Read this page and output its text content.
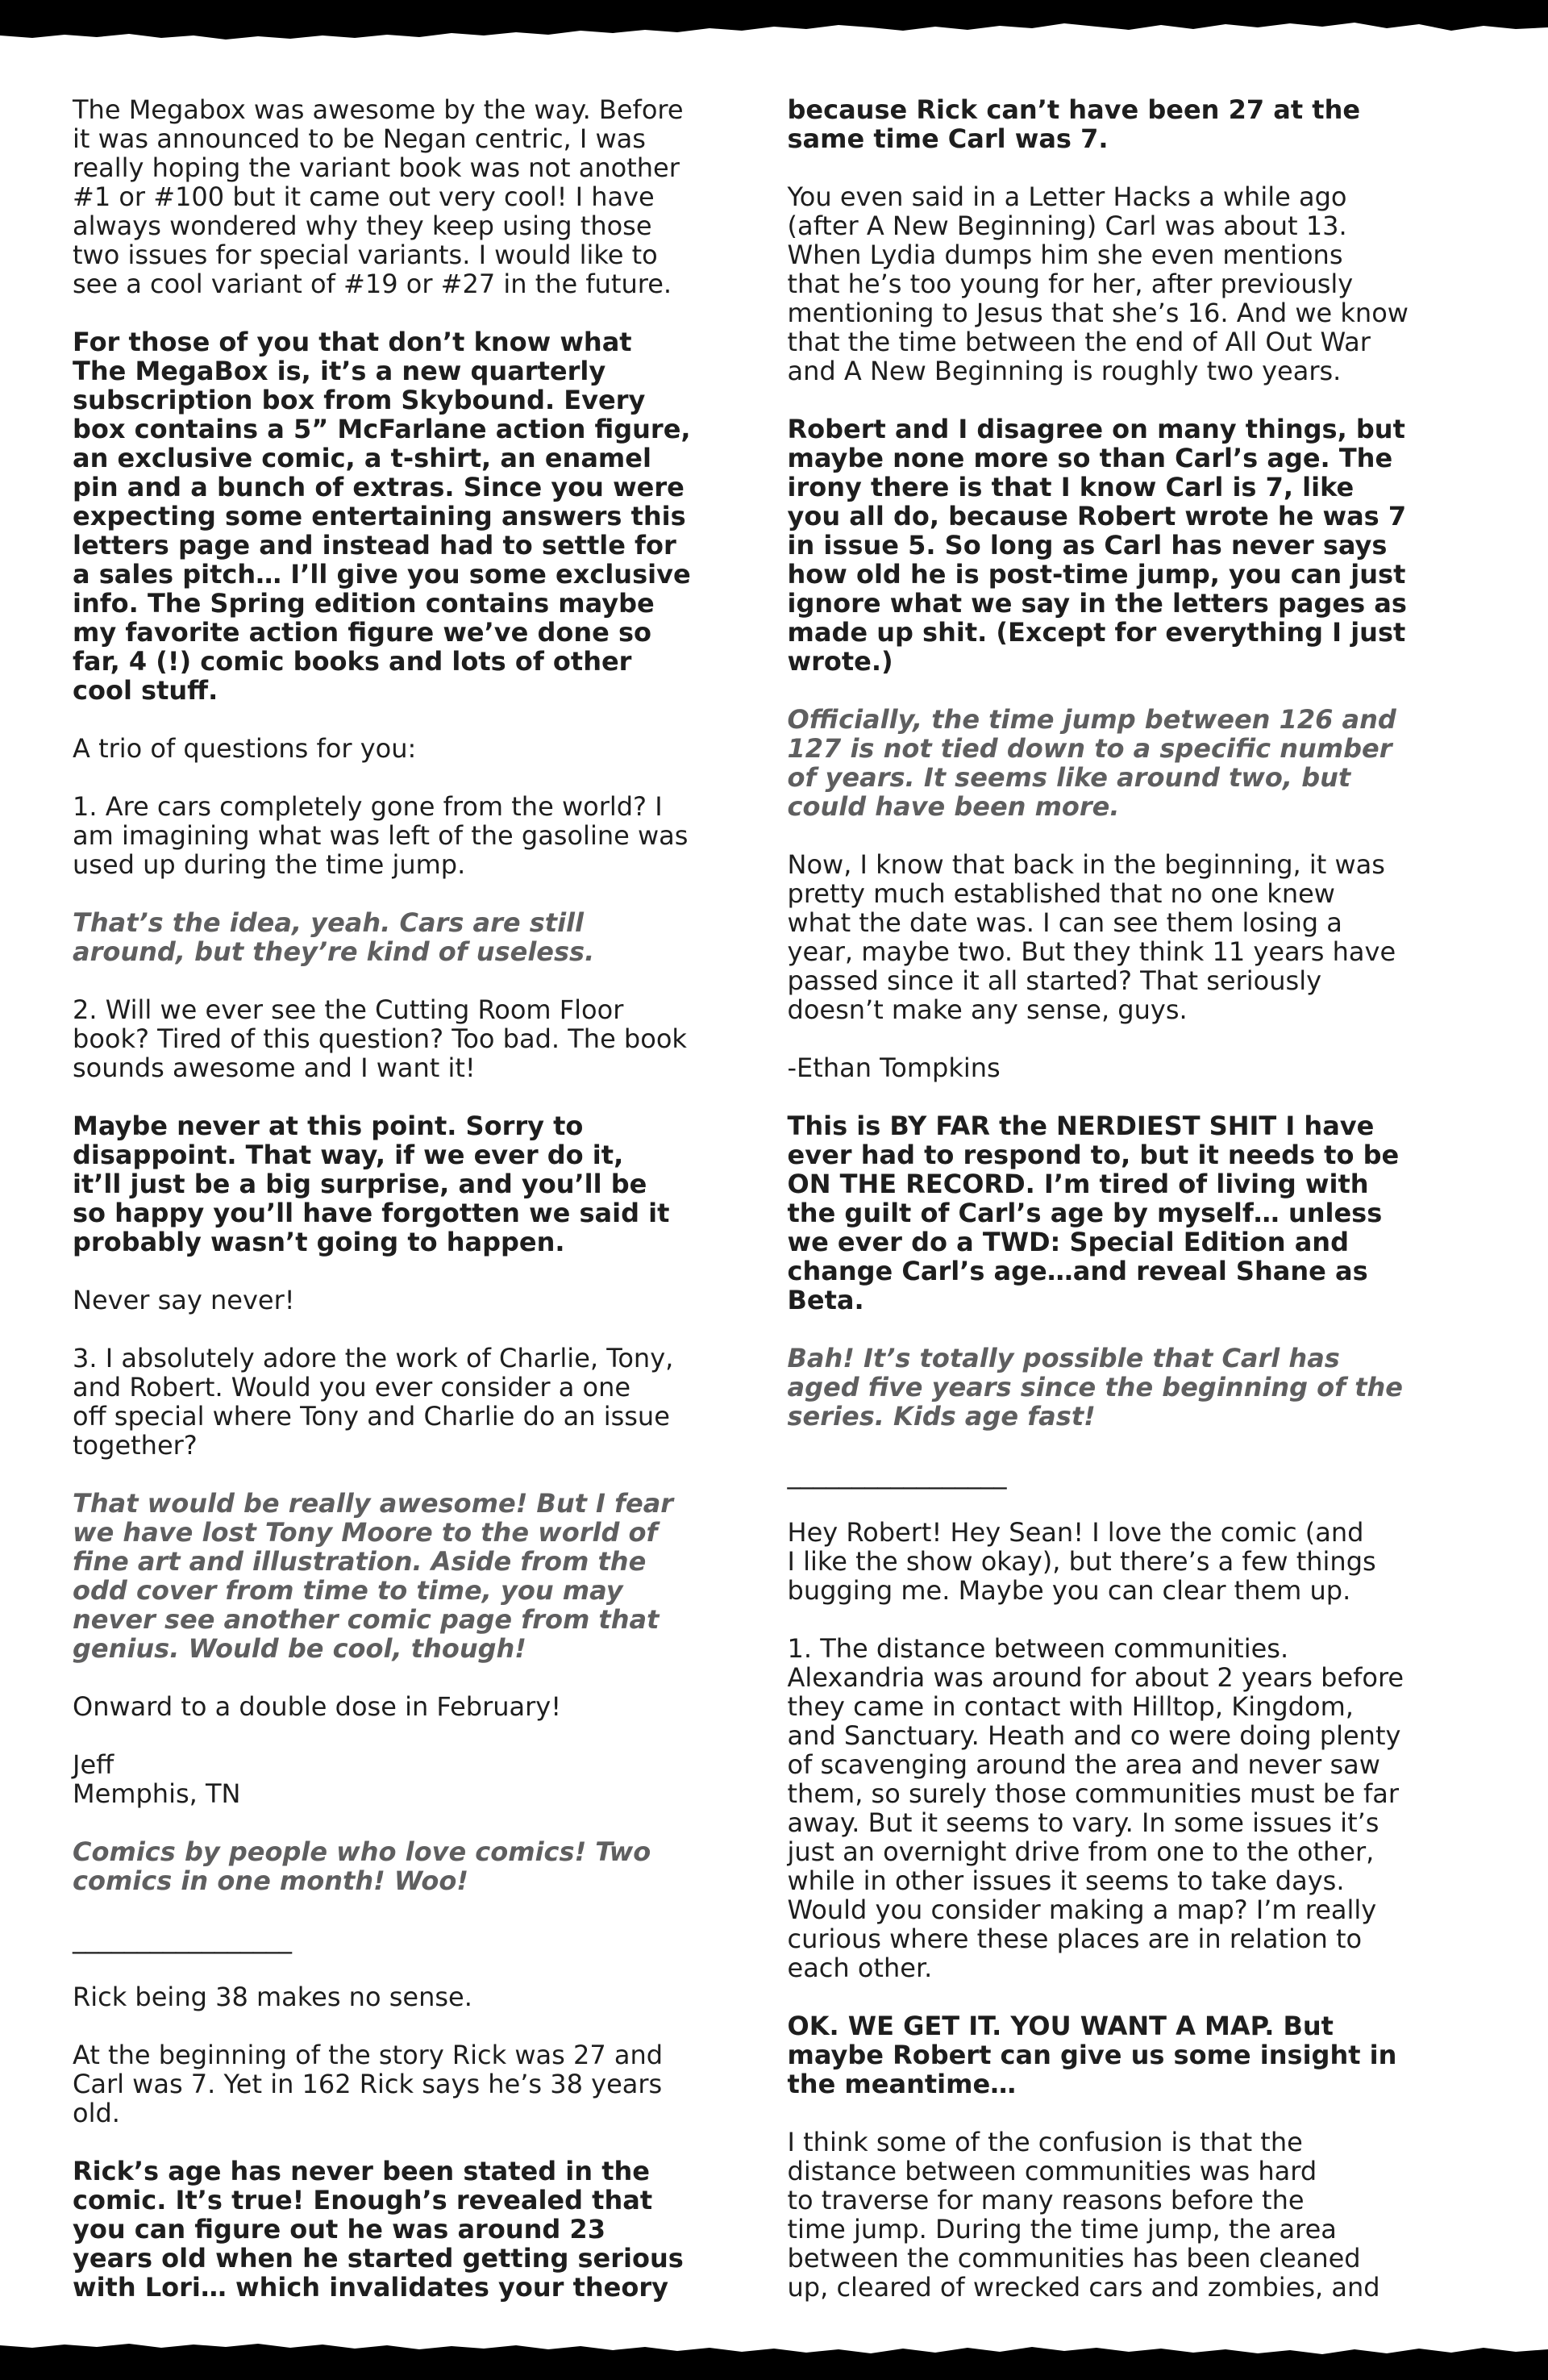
The Megabox was awesome by the way. Before
it was announced to be Negan centric, I was
really hoping the variant book was not another
#1 or #100 but it came out very cool! I have
always wondered why they keep using those
two issues for special variants. I would like to
see a cool variant of #19 or #27 in the future.

For those of you that don’t know what
The MegaBox is, it’s a new quarterly
subscription box from Skybound. Every
box contains a 5” McFarlane action figure,
an exclusive comic, a t-shirt, an enamel
pin and a bunch of extras. Since you were
expecting some entertaining answers this
letters page and instead had to settle for
a sales pitch… I’ll give you some exclusive
info. The Spring edition contains maybe
my favorite action figure we’ve done so
far, 4 (!) comic books and lots of other
cool stuff.

A trio of questions for you:

1. Are cars completely gone from the world? I
am imagining what was left of the gasoline was
used up during the time jump.

That’s the idea, yeah. Cars are still
around, but they’re kind of useless.

2. Will we ever see the Cutting Room Floor
book? Tired of this question? Too bad. The book
sounds awesome and I want it!

Maybe never at this point. Sorry to
disappoint. That way, if we ever do it,
it’ll just be a big surprise, and you’ll be
so happy you’ll have forgotten we said it
probably wasn’t going to happen.

Never say never!

3. I absolutely adore the work of Charlie, Tony,
and Robert. Would you ever consider a one
off special where Tony and Charlie do an issue
together?

That would be really awesome! But I fear
we have lost Tony Moore to the world of
fine art and illustration. Aside from the
odd cover from time to time, you may
never see another comic page from that
genius. Would be cool, though!

Onward to a double dose in February!

Jeff
Memphis, TN

Comics by people who love comics! Two
comics in one month! Woo!

_________________

Rick being 38 makes no sense.

At the beginning of the story Rick was 27 and
Carl was 7. Yet in 162 Rick says he’s 38 years
old.

Rick’s age has never been stated in the
comic. It’s true! Enough’s revealed that
you can figure out he was around 23
years old when he started getting serious
with Lori… which invalidates your theory

because Rick can’t have been 27 at the
same time Carl was 7.

You even said in a Letter Hacks a while ago
(after A New Beginning) Carl was about 13.
When Lydia dumps him she even mentions
that he’s too young for her, after previously
mentioning to Jesus that she’s 16. And we know
that the time between the end of All Out War
and A New Beginning is roughly two years.

Robert and I disagree on many things, but
maybe none more so than Carl’s age. The
irony there is that I know Carl is 7, like
you all do, because Robert wrote he was 7
in issue 5. So long as Carl has never says
how old he is post-time jump, you can just
ignore what we say in the letters pages as
made up shit. (Except for everything I just
wrote.)

Officially, the time jump between 126 and
127 is not tied down to a specific number
of years. It seems like around two, but
could have been more.

Now, I know that back in the beginning, it was
pretty much established that no one knew
what the date was. I can see them losing a
year, maybe two. But they think 11 years have
passed since it all started? That seriously
doesn’t make any sense, guys.

-Ethan Tompkins

This is BY FAR the NERDIEST SHIT I have
ever had to respond to, but it needs to be
ON THE RECORD. I’m tired of living with
the guilt of Carl’s age by myself… unless
we ever do a TWD: Special Edition and
change Carl’s age…and reveal Shane as
Beta.

Bah! It’s totally possible that Carl has
aged five years since the beginning of the
series. Kids age fast!

_________________

Hey Robert! Hey Sean! I love the comic (and
I like the show okay), but there’s a few things
bugging me. Maybe you can clear them up.

1. The distance between communities.
Alexandria was around for about 2 years before
they came in contact with Hilltop, Kingdom,
and Sanctuary. Heath and co were doing plenty
of scavenging around the area and never saw
them, so surely those communities must be far
away. But it seems to vary. In some issues it’s
just an overnight drive from one to the other,
while in other issues it seems to take days.
Would you consider making a map? I’m really
curious where these places are in relation to
each other.

OK. WE GET IT. YOU WANT A MAP. But
maybe Robert can give us some insight in
the meantime…

I think some of the confusion is that the
distance between communities was hard
to traverse for many reasons before the
time jump. During the time jump, the area
between the communities has been cleaned
up, cleared of wrecked cars and zombies, and
